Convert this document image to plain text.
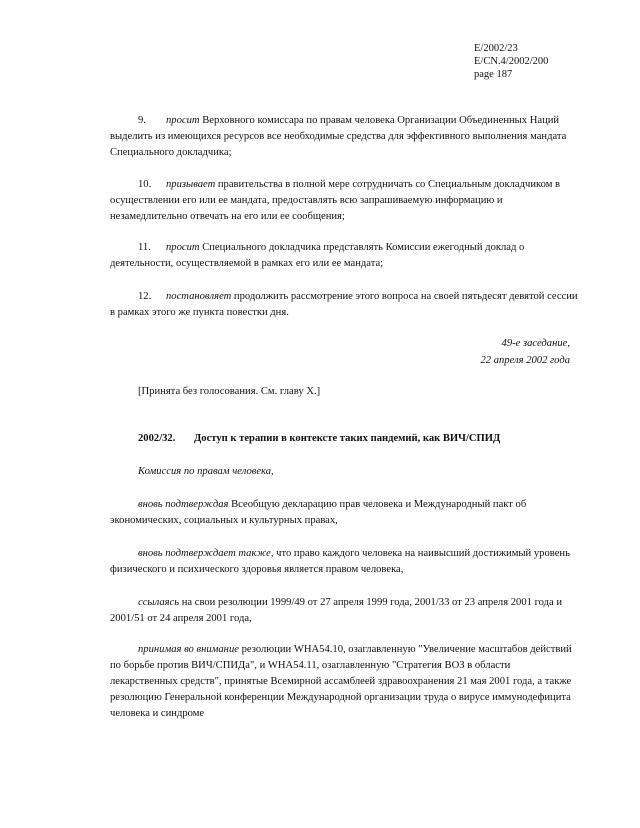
E/2002/23
E/CN.4/2002/200
page 187

9. просит Верховного комиссара по правам человека Организации Объединенных Наций выделить из имеющихся ресурсов все необходимые средства для эффективного выполнения мандата Специального докладчика;

10. призывает правительства в полной мере сотрудничать со Специальным докладчиком в осуществлении его или ее мандата, предоставлять всю запрашиваемую информацию и незамедлительно отвечать на его или ее сообщения;

11. просит Специального докладчика представлять Комиссии ежегодный доклад о деятельности, осуществляемой в рамках его или ее мандата;

12. постановляет продолжить рассмотрение этого вопроса на своей пятьдесят девятой сессии в рамках этого же пункта повестки дня.

49-е заседание,
22 апреля 2002 года
[Принята без голосования. См. главу X.]
2002/32. Доступ к терапии в контексте таких пандемий, как ВИЧ/СПИД
Комиссия по правам человека,

вновь подтверждая Всеобщую декларацию прав человека и Международный пакт об экономических, социальных и культурных правах,

вновь подтверждает также, что право каждого человека на наивысший достижимый уровень физического и психического здоровья является правом человека,

ссылаясь на свои резолюции 1999/49 от 27 апреля 1999 года, 2001/33 от 23 апреля 2001 года и 2001/51 от 24 апреля 2001 года,

принимая во внимание резолюции WHA54.10, озаглавленную "Увеличение масштабов действий по борьбе против ВИЧ/СПИДа", и WHA54.11, озаглавленную "Стратегия ВОЗ в области лекарственных средств", принятые Всемирной ассамблеей здравоохранения 21 мая 2001 года, а также резолюцию Генеральной конференции Международной организации труда о вирусе иммунодефицита человека и синдроме
